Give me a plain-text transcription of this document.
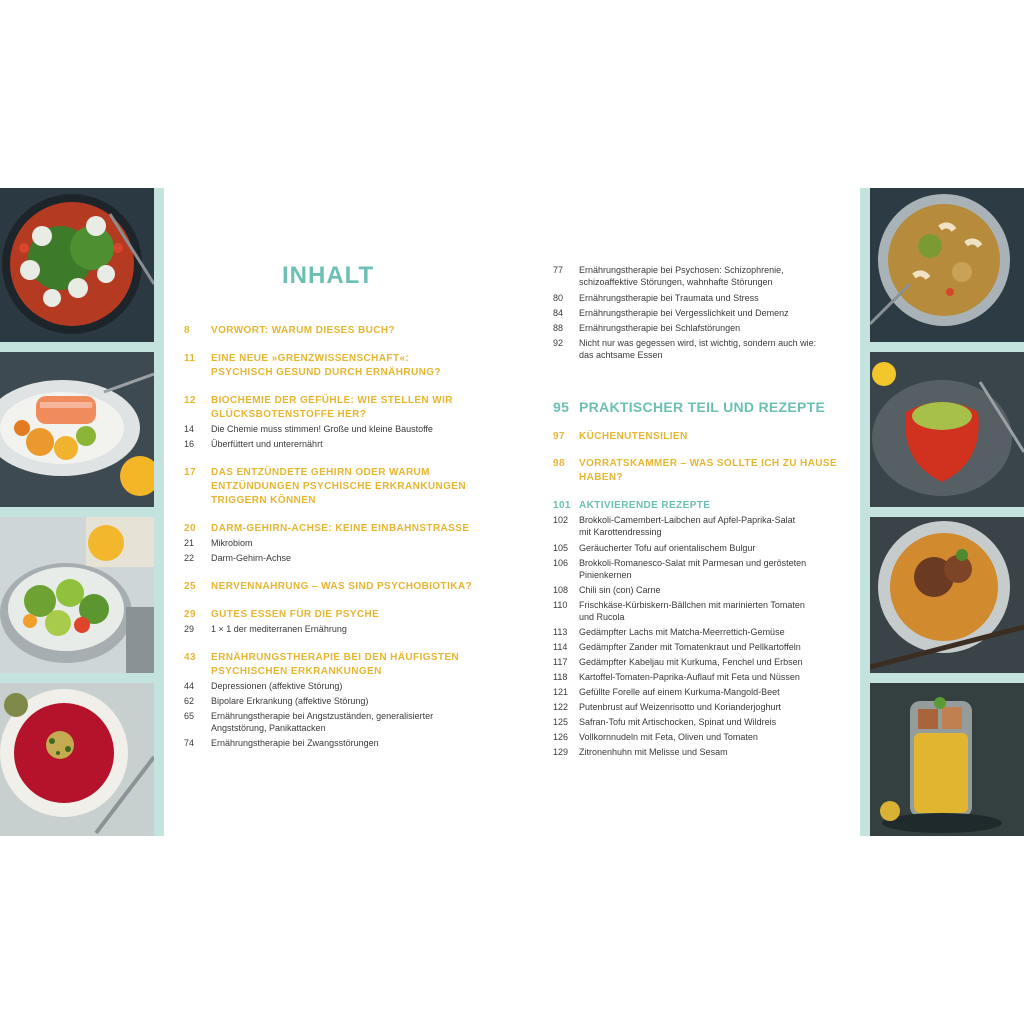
INHALT
8	VORWORT: WARUM DIESES BUCH?
11	EINE NEUE »GRENZWISSENSCHAFT«:
PSYCHISCH GESUND DURCH ERNÄHRUNG?
12	BIOCHEMIE DER GEFÜHLE: WIE STELLEN WIR
GLÜCKSBOTENSTOFFE HER?
14	Die Chemie muss stimmen! Große und kleine Baustoffe
16	Überfüttert und unterernährt
17	DAS ENTZÜNDETE GEHIRN ODER WARUM
ENTZÜNDUNGEN PSYCHISCHE ERKRANKUNGEN
TRIGGERN KÖNNEN
20	DARM-GEHIRN-ACHSE: KEINE EINBAHNSTRASSE
21	Mikrobiom
22	Darm-Gehirn-Achse
25	NERVENNAHRUNG – WAS SIND PSYCHOBIOTIKA?
29	GUTES ESSEN FÜR DIE PSYCHE
29	1 × 1 der mediterranen Ernährung
43	ERNÄHRUNGSTHERAPIE BEI DEN HÄUFIGSTEN
PSYCHISCHEN ERKRANKUNGEN
44	Depressionen (affektive Störung)
62	Bipolare Erkrankung (affektive Störung)
65	Ernährungstherapie bei Angstzuständen, generalisierter
Angststörung, Panikattacken
74	Ernährungstherapie bei Zwangsstörungen
77	Ernährungstherapie bei Psychosen: Schizophrenie,
schizoaffektive Störungen, wahnhafte Störungen
80	Ernährungstherapie bei Traumata und Stress
84	Ernährungstherapie bei Vergesslichkeit und Demenz
88	Ernährungstherapie bei Schlafstörungen
92	Nicht nur was gegessen wird, ist wichtig, sondern auch wie:
das achtsame Essen
95 PRAKTISCHER TEIL UND REZEPTE
97	KÜCHENUTENSILIEN
98	VORRATSKAMMER – WAS SOLLTE ICH ZU HAUSE
HABEN?
101 AKTIVIERENDE REZEPTE
102	Brokkoli-Camembert-Laibchen auf Apfel-Paprika-Salat
mit Karottendressing
105	Geräucherter Tofu auf orientalischem Bulgur
106	Brokkoli-Romanesco-Salat mit Parmesan und gerösteten
Pinienkernen
108	Chili sin (con) Carne
110	Frischkäse-Kürbiskern-Bällchen mit marinierten Tomaten
und Rucola
113	Gedämpfter Lachs mit Matcha-Meerrettich-Gemüse
114	Gedämpfter Zander mit Tomatenkraut und Pellkartoffeln
117	Gedämpfter Kabeljau mit Kurkuma, Fenchel und Erbsen
118	Kartoffel-Tomaten-Paprika-Auflauf mit Feta und Nüssen
121	Gefüllte Forelle auf einem Kurkuma-Mangold-Beet
122	Putenbrust auf Weizenrisotto und Korianderjoghurt
125	Safran-Tofu mit Artischocken, Spinat und Wildreis
126	Vollkornnudeln mit Feta, Oliven und Tomaten
129	Zitronenhuhn mit Melisse und Sesam
